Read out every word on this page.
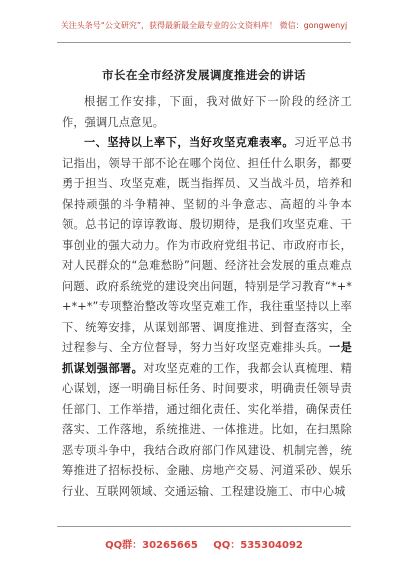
关注头条号“公文研究”，获得最新最全最专业的公文资料库！ 微信：gongwenyj
市长在全市经济发展调度推进会的讲话

根据工作安排，下面，我对做好下一阶段的经济工作，强调几点意见。

一、坚持以上率下，当好攻坚克难表率。习近平总书记指出，领导干部不论在哪个岗位、担任什么职务，都要勇于担当、攻坚克难，既当指挥员、又当战斗员，培养和保持顽强的斗争精神、坚韧的斗争意志、高超的斗争本领。总书记的谆谆教诲、殷切期待，是我们攻坚克难、干事创业的强大动力。作为市政府党组书记、市政府市长，对人民群众的“急难愁盼”问题、经济社会发展的重点难点问题、政府系统党的建设突出问题，特别是学习教育“*+*+*+*”专项整治整改等攻坚克难工作，我往重坚持以上率下、统筹安排，从谋划部署、调度推进、到督查落实，全过程参与、全方位督导，努力当好攻坚克难排头兵。一是抓谋划强部署。对攻坚克难的工作，我都会认真梳理、精心谋划，逐一明确目标任务、时间要求，明确责任领导责任部门、工作举措，通过细化责任、实化举措，确保责任落实、工作落地，系统推进、一体推进。比如，在扫黑除恶专项斗争中，我结合政府部门作风建设、机制完善，统筹推进了招标投标、金融、房地产交易、河道采砂、娱乐行业、互联网领域、交通运输、工程建设施工、市中心城

QQ群：30265665 QQ：535304092
